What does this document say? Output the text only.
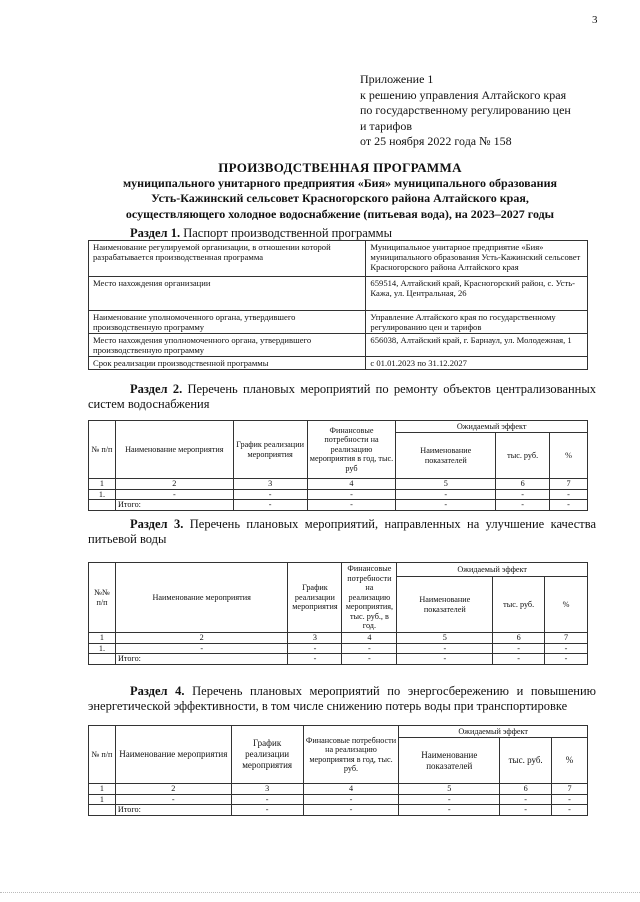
3
Приложение 1
к решению управления Алтайского края
по государственному регулированию цен
и тарифов
от 25 ноября 2022 года № 158
ПРОИЗВОДСТВЕННАЯ ПРОГРАММА
муниципального унитарного предприятия «Бия» муниципального образования
Усть-Кажинский сельсовет Красногорского района Алтайского края,
осуществляющего холодное водоснабжение (питьевая вода), на 2023–2027 годы
Раздел 1. Паспорт производственной программы
Наименование регулируемой организации, в отношении которой разрабатывается производственная программа	Муниципальное унитарное предприятие «Бия» муниципального образования Усть-Кажинский сельсовет Красногорского района Алтайского края
Место нахождения организации	659514, Алтайский край, Красногорский район, с. Усть-Кажа, ул. Центральная, 26
Наименование уполномоченного органа, утвердившего производственную программу	Управление Алтайского края по государственному регулированию цен и тарифов
Место нахождения уполномоченного органа, утвердившего производственную программу	656038, Алтайский край, г. Барнаул, ул. Молодежная, 1
Срок реализации производственной программы	с 01.01.2023 по 31.12.2027
Раздел 2. Перечень плановых мероприятий по ремонту объектов централизованных систем водоснабжения
№ п/п	Наименование мероприятия	График реализации мероприятия	Финансовые потребности на реализацию мероприятия в год, тыс. руб	Ожидаемый эффект		
				Наименование показателей	тыс. руб.	%
1	2	3	4	5	6	7
1.	-	-	-	-	-	-
	Итого:	-	-	-	-	-
Раздел 3. Перечень плановых мероприятий, направленных на улучшение качества питьевой воды
№№ п/п	Наименование мероприятия	График реализации мероприятия	Финансовые потребности на реализацию мероприятия, тыс. руб., в год.	Ожидаемый эффект		
				Наименование показателей	тыс. руб.	%
1	2	3	4	5	6	7
1.	-	-	-	-	-	-
	Итого:	-	-	-	-	-
Раздел 4. Перечень плановых мероприятий по энергосбережению и повышению энергетической эффективности, в том числе снижению потерь воды при транспортировке
№ п/п	Наименование мероприятия	График реализации мероприятия	Финансовые потребности на реализацию мероприятия в год, тыс. руб.	Ожидаемый эффект		
				Наименование показателей	тыс. руб.	%
1	2	3	4	5	6	7
1	-	-	-	-	-	-
	Итого:	-	-	-	-	-
